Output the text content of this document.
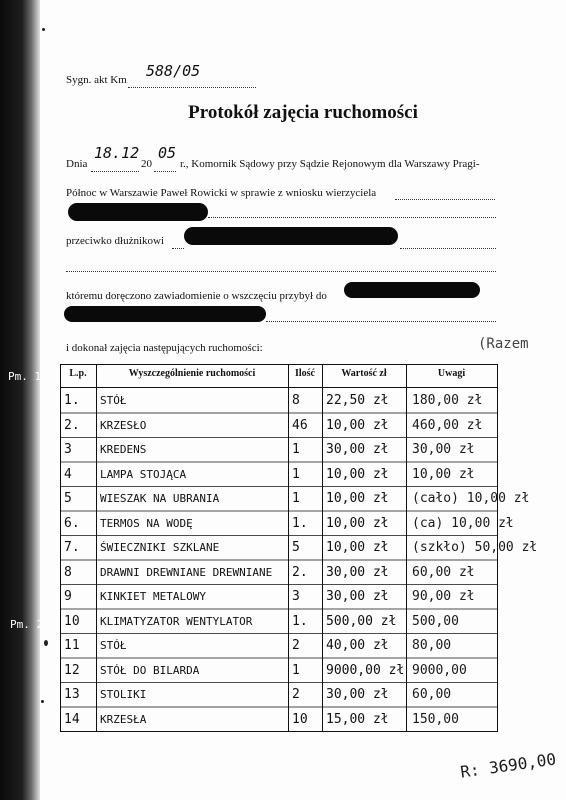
Sygn. akt Km 588/05
Protokół zajęcia ruchomości
Dnia
18.12
20
05
r., Komornik Sądowy przy Sądzie Rejonowym dla Warszawy Pragi-
Północ w Warszawie Paweł Rowicki w sprawie z wniosku wierzyciela
przeciwko dłużnikowi
któremu doręczono zawiadomienie o wszczęciu przybył do
i dokonał zajęcia następujących ruchomości:	(Razem
Pm. 1
Pm. 2
L.p.	Wyszczególnienie ruchomości	Ilość	Wartość zł	Uwagi
1.	STÓŁ	8	22,50 zł	180,00 zł
2.	KRZESŁO	46	10,00 zł	460,00 zł
3	KREDENS	1	30,00 zł	30,00 zł
4	LAMPA STOJĄCA	1	10,00 zł	10,00 zł
5	WIESZAK NA UBRANIA	1	10,00 zł	(cało) 10,00 zł
6.	TERMOS NA WODĘ	1.	10,00 zł	(ca) 10,00 zł
7.	ŚWIECZNIKI SZKLANE	5	10,00 zł	(szkło) 50,00 zł
8	DRAWNI DREWNIANE DREWNIANE	2.	30,00 zł	60,00 zł
9	KINKIET METALOWY	3	30,00 zł	90,00 zł
10	KLIMATYZATOR WENTYLATOR	1.	500,00 zł	500,00
11	STÓŁ	2	40,00 zł	80,00
12	STÓŁ DO BILARDA	1	9000,00 zł 9000,00
13	STOLIKI	2	30,00 zł	60,00
14	KRZESŁA	10	15,00 zł	150,00
R: 3690,00
